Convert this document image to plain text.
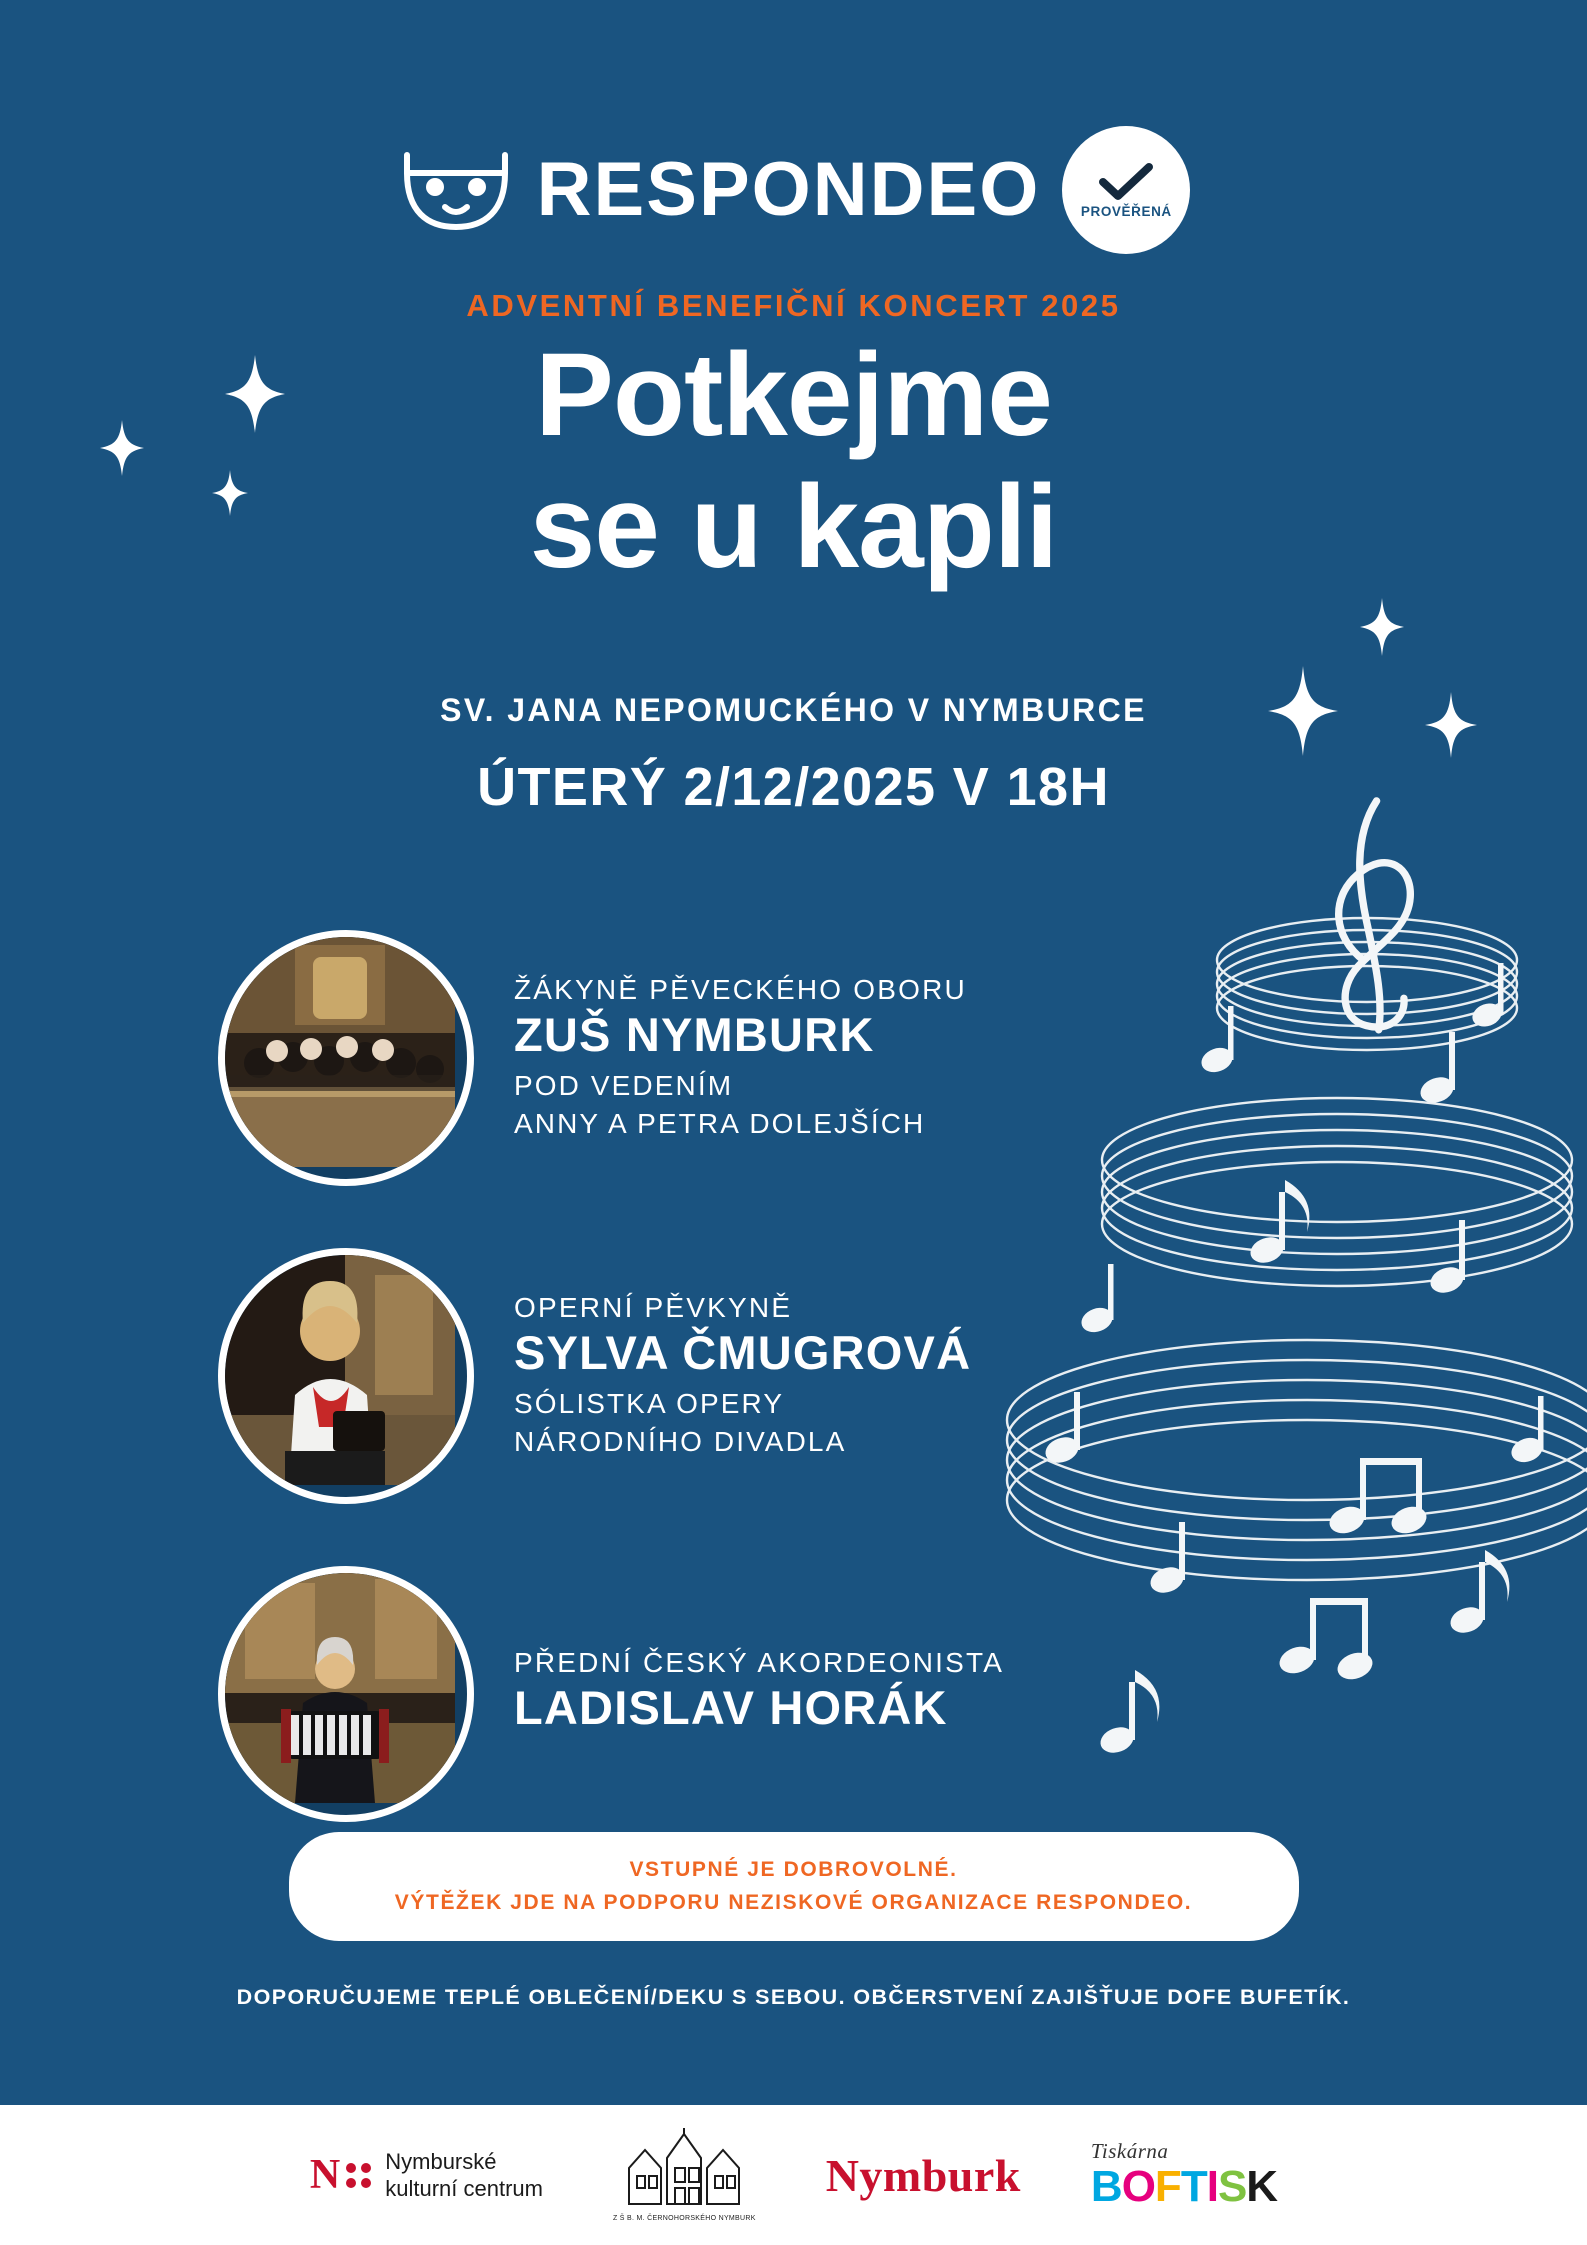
RESPONDEO	PROVĚŘENÁ
ADVENTNÍ BENEFIČNÍ KONCERT 2025
Potkejme
se u kapli
SV. JANA NEPOMUCKÉHO V NYMBURCE
ÚTERÝ 2/12/2025 V 18H
ŽÁKYNĚ PĚVECKÉHO OBORU
ZUŠ NYMBURK
POD VEDENÍM
ANNY A PETRA DOLEJŠÍCH
OPERNÍ PĚVKYNĚ
SYLVA ČMUGROVÁ
SÓLISTKA OPERY
NÁRODNÍHO DIVADLA
PŘEDNÍ ČESKÝ AKORDEONISTA
LADISLAV HORÁK
VSTUPNÉ JE DOBROVOLNÉ.
VÝTĚŽEK JDE NA PODPORU NEZISKOVÉ ORGANIZACE RESPONDEO.
DOPORUČUJEME TEPLÉ OBLEČENÍ/DEKU S SEBOU. OBČERSTVENÍ ZAJIŠŤUJE DOFE BUFETÍK.
N Nymburské
kulturní centrum
Z Š B. M. ČERNOHORSKÉHO NYMBURK
Nymburk	Tiskárna
BOFTISK
